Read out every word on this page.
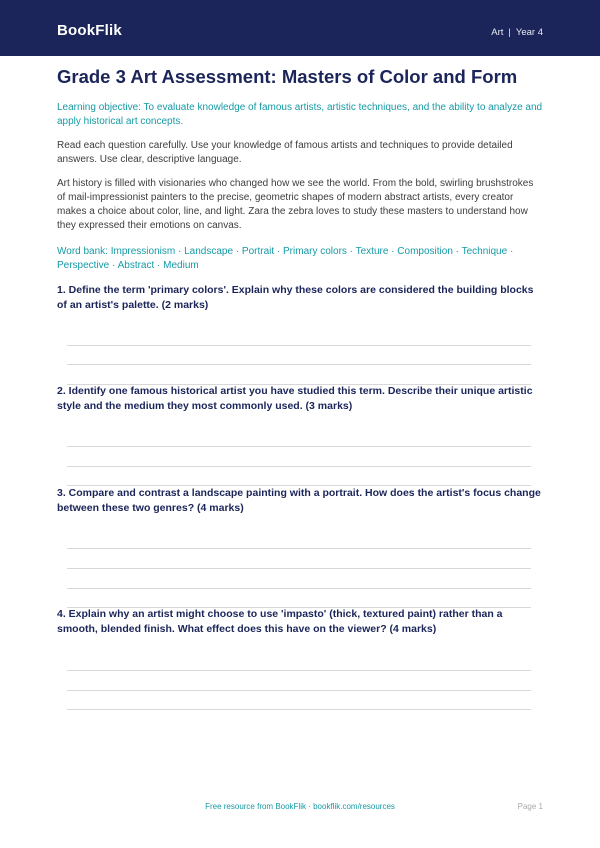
BookFlik	Art | Year 4
Grade 3 Art Assessment: Masters of Color and Form

Learning objective: To evaluate knowledge of famous artists, artistic techniques, and the ability to analyze and apply historical art concepts.

Read each question carefully. Use your knowledge of famous artists and techniques to provide detailed answers. Use clear, descriptive language.

Art history is filled with visionaries who changed how we see the world. From the bold, swirling brushstrokes of mail-impressionist painters to the precise, geometric shapes of modern abstract artists, every creator makes a choice about color, line, and light. Zara the zebra loves to study these masters to understand how they expressed their emotions on canvas.

Word bank: Impressionism · Landscape · Portrait · Primary colors · Texture · Composition · Technique · Perspective · Abstract · Medium

1. Define the term 'primary colors'. Explain why these colors are considered the building blocks of an artist's palette. (2 marks)
2. Identify one famous historical artist you have studied this term. Describe their unique artistic style and the medium they most commonly used. (3 marks)
3. Compare and contrast a landscape painting with a portrait. How does the artist's focus change between these two genres? (4 marks)
4. Explain why an artist might choose to use 'impasto' (thick, textured paint) rather than a smooth, blended finish. What effect does this have on the viewer? (4 marks)
Free resource from BookFlik · bookflik.com/resources	Page 1
